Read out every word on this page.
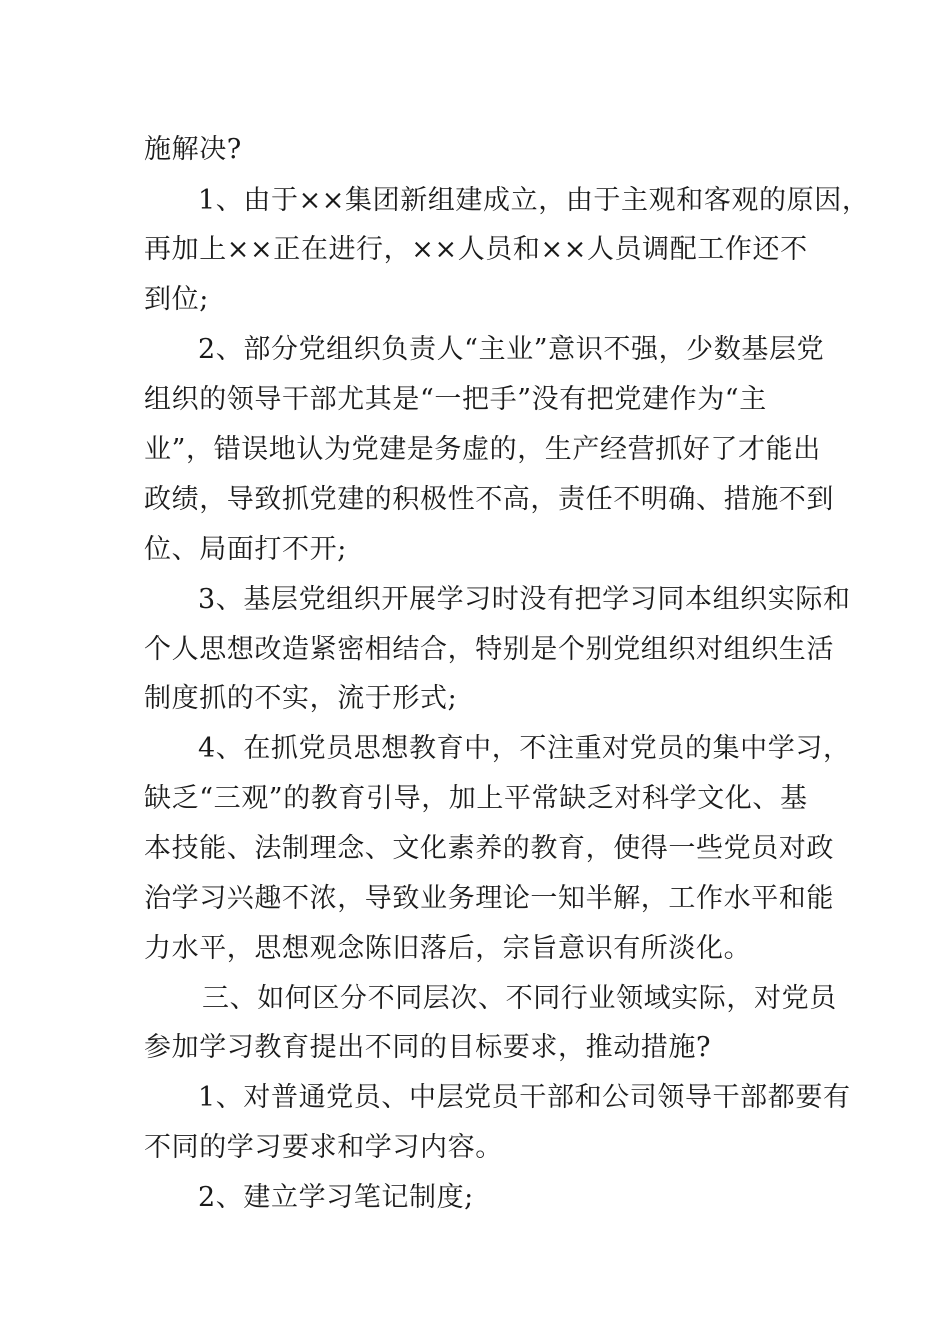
施解决?
1、由于××集团新组建成立，由于主观和客观的原因，
再加上××正在进行，××人员和××人员调配工作还不
到位;
2、部分党组织负责人“主业”意识不强，少数基层党
组织的领导干部尤其是“一把手”没有把党建作为“主
业”，错误地认为党建是务虚的，生产经营抓好了才能出
政绩，导致抓党建的积极性不高，责任不明确、措施不到
位、局面打不开;
3、基层党组织开展学习时没有把学习同本组织实际和
个人思想改造紧密相结合，特别是个别党组织对组织生活
制度抓的不实，流于形式;
4、在抓党员思想教育中，不注重对党员的集中学习，
缺乏“三观”的教育引导，加上平常缺乏对科学文化、基
本技能、法制理念、文化素养的教育，使得一些党员对政
治学习兴趣不浓，导致业务理论一知半解，工作水平和能
力水平，思想观念陈旧落后，宗旨意识有所淡化。
三、如何区分不同层次、不同行业领域实际，对党员
参加学习教育提出不同的目标要求，推动措施?
1、对普通党员、中层党员干部和公司领导干部都要有
不同的学习要求和学习内容。
2、建立学习笔记制度;
